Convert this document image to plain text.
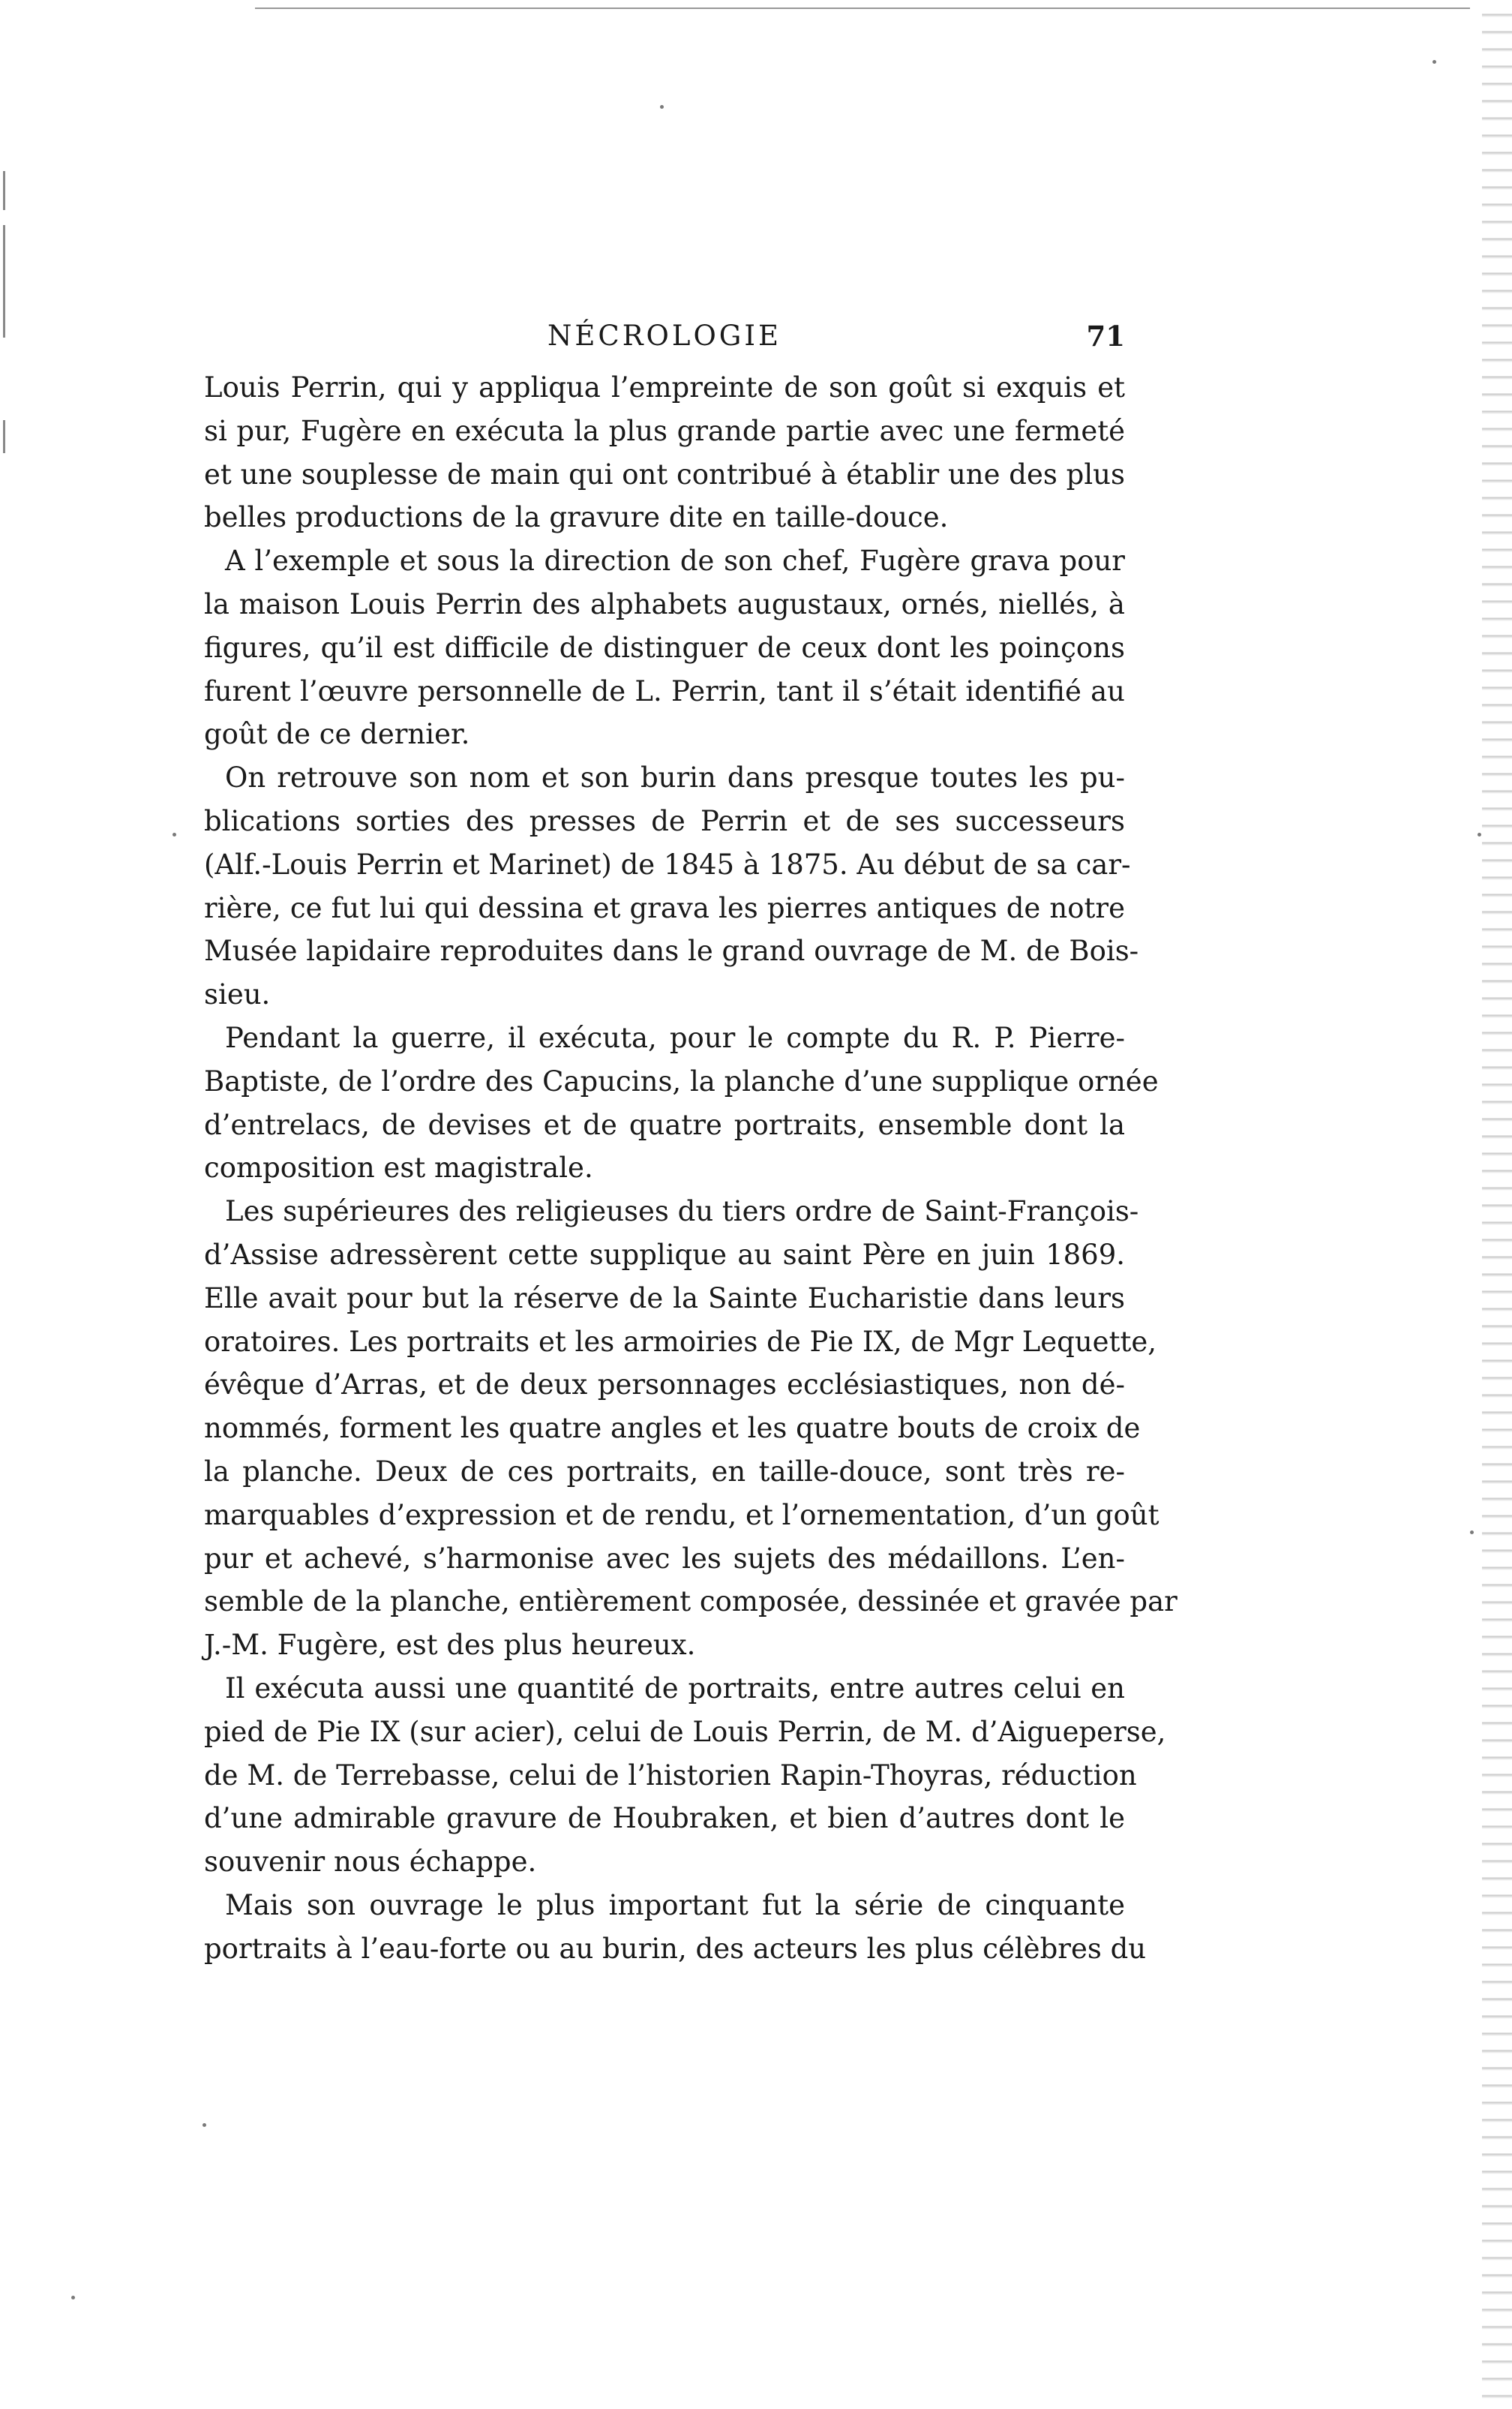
NÉCROLOGIE	71
Louis Perrin, qui y appliqua l’empreinte de son goût si exquis et
si pur, Fugère en exécuta la plus grande partie avec une fermeté
et une souplesse de main qui ont contribué à établir une des plus
belles productions de la gravure dite en taille-douce.
A l’exemple et sous la direction de son chef, Fugère grava pour
la maison Louis Perrin des alphabets augustaux, ornés, niellés, à
figures, qu’il est difficile de distinguer de ceux dont les poinçons
furent l’œuvre personnelle de L. Perrin, tant il s’était identifié au
goût de ce dernier.
On retrouve son nom et son burin dans presque toutes les pu-
blications sorties des presses de Perrin et de ses successeurs
(Alf.-Louis Perrin et Marinet) de 1845 à 1875. Au début de sa car-
rière, ce fut lui qui dessina et grava les pierres antiques de notre
Musée lapidaire reproduites dans le grand ouvrage de M. de Bois-
sieu.
Pendant la guerre, il exécuta, pour le compte du R. P. Pierre-
Baptiste, de l’ordre des Capucins, la planche d’une supplique ornée
d’entrelacs, de devises et de quatre portraits, ensemble dont la
composition est magistrale.
Les supérieures des religieuses du tiers ordre de Saint-François-
d’Assise adressèrent cette supplique au saint Père en juin 1869.
Elle avait pour but la réserve de la Sainte Eucharistie dans leurs
oratoires. Les portraits et les armoiries de Pie IX, de Mgr Lequette,
évêque d’Arras, et de deux personnages ecclésiastiques, non dé-
nommés, forment les quatre angles et les quatre bouts de croix de
la planche. Deux de ces portraits, en taille-douce, sont très re-
marquables d’expression et de rendu, et l’ornementation, d’un goût
pur et achevé, s’harmonise avec les sujets des médaillons. L’en-
semble de la planche, entièrement composée, dessinée et gravée par
J.-M. Fugère, est des plus heureux.
Il exécuta aussi une quantité de portraits, entre autres celui en
pied de Pie IX (sur acier), celui de Louis Perrin, de M. d’Aigueperse,
de M. de Terrebasse, celui de l’historien Rapin-Thoyras, réduction
d’une admirable gravure de Houbraken, et bien d’autres dont le
souvenir nous échappe.
Mais son ouvrage le plus important fut la série de cinquante
portraits à l’eau-forte ou au burin, des acteurs les plus célèbres du
